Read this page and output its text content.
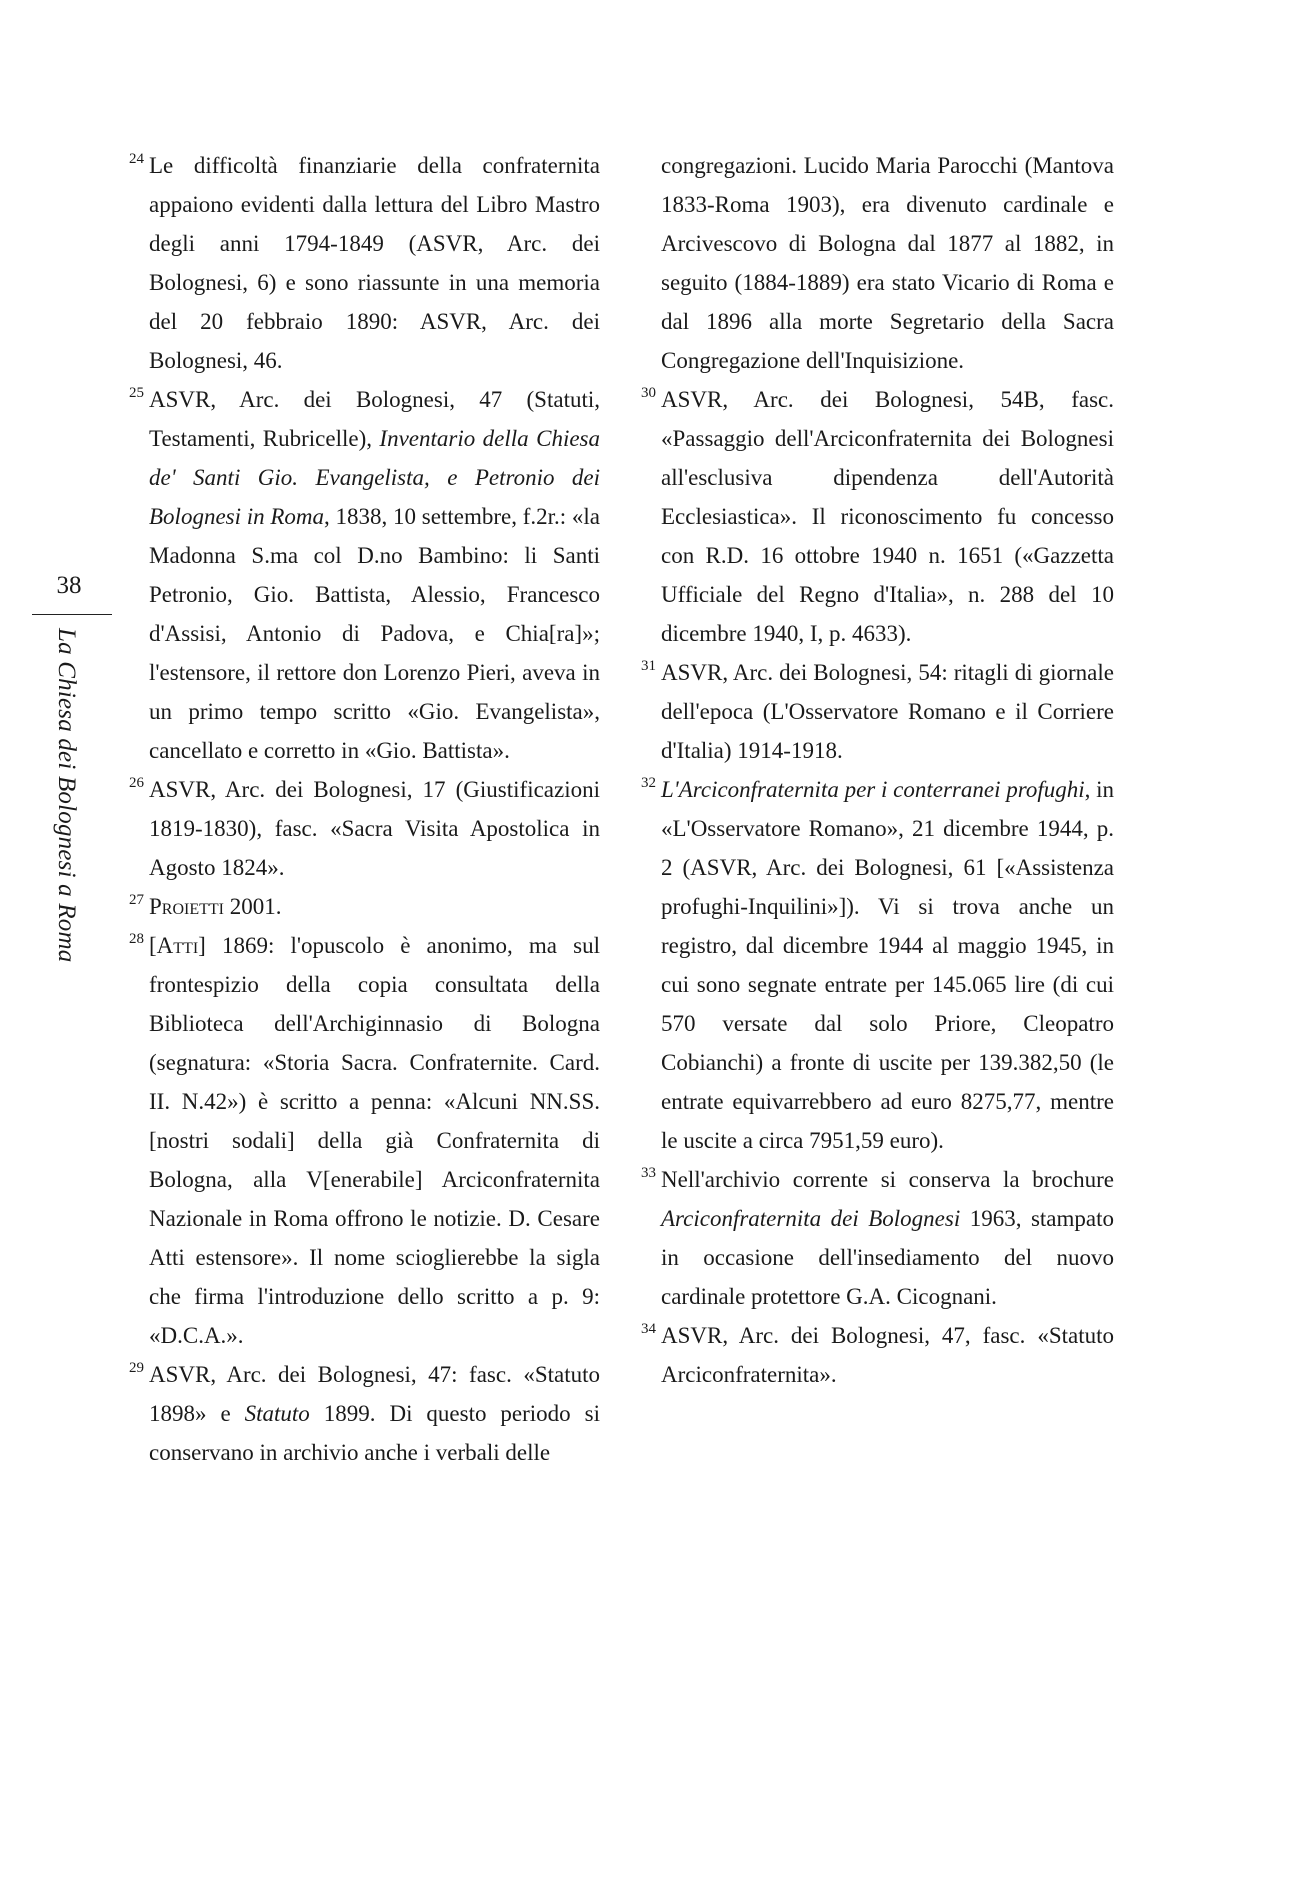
38
La Chiesa dei Bolognesi a Roma
24 Le difficoltà finanziarie della confraternita appaiono evidenti dalla lettura del Libro Mastro degli anni 1794-1849 (ASVR, Arc. dei Bolognesi, 6) e sono riassunte in una memoria del 20 febbraio 1890: ASVR, Arc. dei Bolognesi, 46.
25 ASVR, Arc. dei Bolognesi, 47 (Statuti, Testamenti, Rubricelle), Inventario della Chiesa de' Santi Gio. Evangelista, e Petronio dei Bolognesi in Roma, 1838, 10 settembre, f.2r.: «la Madonna S.ma col D.no Bambino: li Santi Petronio, Gio. Battista, Alessio, Francesco d'Assisi, Antonio di Padova, e Chia[ra]»; l'estensore, il rettore don Lorenzo Pieri, aveva in un primo tempo scritto «Gio. Evangelista», cancellato e corretto in «Gio. Battista».
26 ASVR, Arc. dei Bolognesi, 17 (Giustificazioni 1819-1830), fasc. «Sacra Visita Apostolica in Agosto 1824».
27 Proietti 2001.
28 [Atti] 1869: l'opuscolo è anonimo, ma sul frontespizio della copia consultata della Biblioteca dell'Archiginnasio di Bologna (segnatura: «Storia Sacra. Confraternite. Card. II. N.42») è scritto a penna: «Alcuni NN.SS. [nostri sodali] della già Confraternita di Bologna, alla V[enerabile] Arciconfraternita Nazionale in Roma offrono le notizie. D. Cesare Atti estensore». Il nome scioglierebbe la sigla che firma l'introduzione dello scritto a p. 9: «D.C.A.».
29 ASVR, Arc. dei Bolognesi, 47: fasc. «Statuto 1898» e Statuto 1899. Di questo periodo si conservano in archivio anche i verbali delle
congregazioni. Lucido Maria Parocchi (Mantova 1833-Roma 1903), era divenuto cardinale e Arcivescovo di Bologna dal 1877 al 1882, in seguito (1884-1889) era stato Vicario di Roma e dal 1896 alla morte Segretario della Sacra Congregazione dell'Inquisizione.
30 ASVR, Arc. dei Bolognesi, 54B, fasc. «Passaggio dell'Arciconfraternita dei Bolognesi all'esclusiva dipendenza dell'Autorità Ecclesiastica». Il riconoscimento fu concesso con R.D. 16 ottobre 1940 n. 1651 («Gazzetta Ufficiale del Regno d'Italia», n. 288 del 10 dicembre 1940, I, p. 4633).
31 ASVR, Arc. dei Bolognesi, 54: ritagli di giornale dell'epoca (L'Osservatore Romano e il Corriere d'Italia) 1914-1918.
32 L'Arciconfraternita per i conterranei profughi, in «L'Osservatore Romano», 21 dicembre 1944, p. 2 (ASVR, Arc. dei Bolognesi, 61 [«Assistenza profughi-Inquilini»]). Vi si trova anche un registro, dal dicembre 1944 al maggio 1945, in cui sono segnate entrate per 145.065 lire (di cui 570 versate dal solo Priore, Cleopatro Cobianchi) a fronte di uscite per 139.382,50 (le entrate equivarrebbero ad euro 8275,77, mentre le uscite a circa 7951,59 euro).
33 Nell'archivio corrente si conserva la brochure Arciconfraternita dei Bolognesi 1963, stampato in occasione dell'insediamento del nuovo cardinale protettore G.A. Cicognani.
34 ASVR, Arc. dei Bolognesi, 47, fasc. «Statuto Arciconfraternita».
